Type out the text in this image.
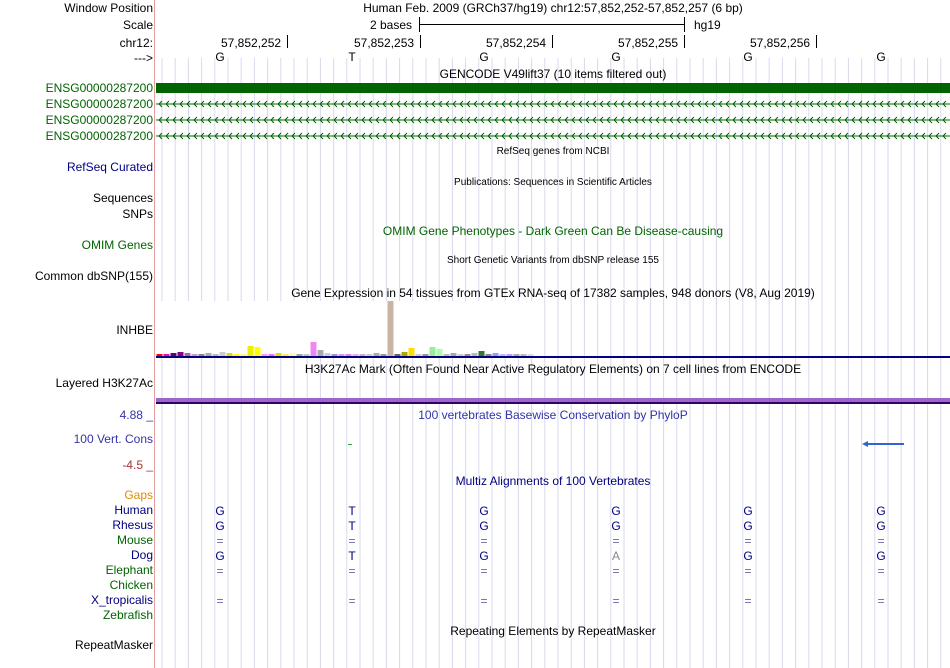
Window Position
Scale
chr12:
--->
Human Feb. 2009 (GRCh37/hg19) chr12:57,852,252-57,852,257 (6 bp)
2 bases	hg19
57,852,252	57,852,253	57,852,254	57,852,255	57,852,256
G	T	G	G	G	G
GENCODE V49lift37 (10 items filtered out)
ENSG00000287200
ENSG00000287200
ENSG00000287200
ENSG00000287200
RefSeq genes from NCBI
RefSeq Curated
Publications: Sequences in Scientific Articles
Sequences
SNPs
OMIM Gene Phenotypes - Dark Green Can Be Disease-causing
OMIM Genes
Short Genetic Variants from dbSNP release 155
Common dbSNP(155)
Gene Expression in 54 tissues from GTEx RNA-seq of 17382 samples, 948 donors (V8, Aug 2019)
INHBE
H3K27Ac Mark (Often Found Near Active Regulatory Elements) on 7 cell lines from ENCODE
Layered H3K27Ac
100 vertebrates Basewise Conservation by PhyloP
4.88 _
100 Vert. Cons
-4.5 _
Multiz Alignments of 100 Vertebrates
Gaps
Human	G	T	G	G	G	G
Rhesus	G	T	G	G	G	G
Mouse	=	=	=	=	=	=
Dog	G	T	G	A	G	G
Elephant	=	=	=	=	=	=
Chicken
X_tropicalis	=	=	=	=	=	=
Zebrafish
Repeating Elements by RepeatMasker
RepeatMasker
